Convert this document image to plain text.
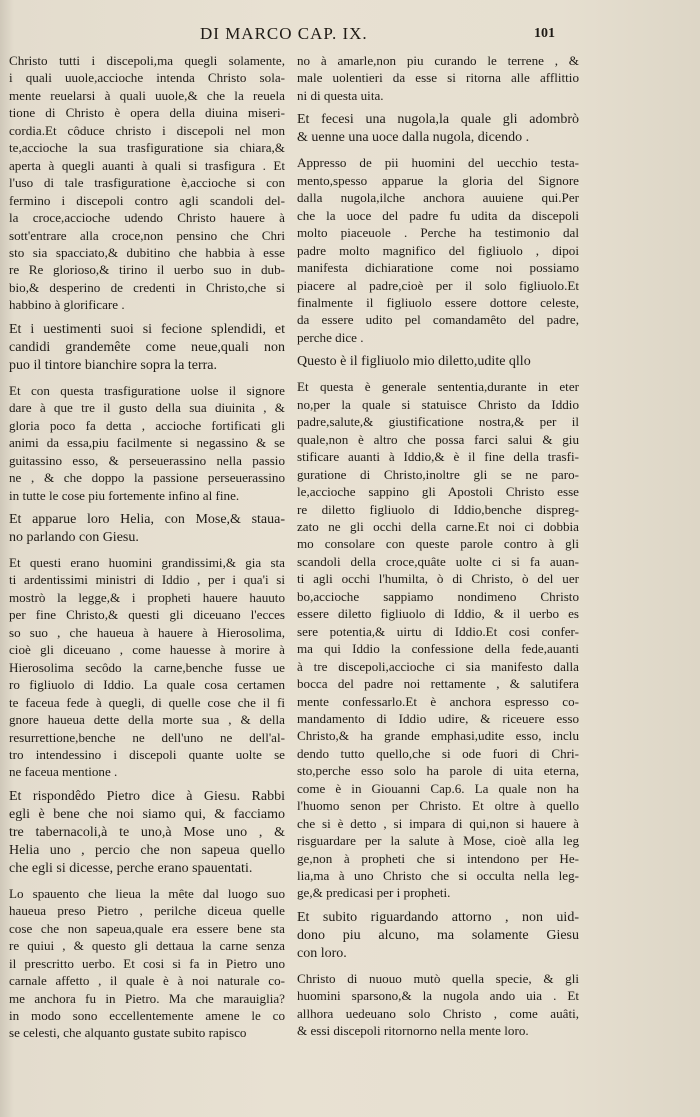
DI MARCO CAP. IX.	101
Christo tutti i discepoli,ma quegli solamente,
i quali uuole,accioche intenda Christo sola-
mente reuelarsi à quali uuole,& che la reuela
tione di Christo è opera della diuina miseri-
cordia.Et côduce christo i discepoli nel mon
te,accioche la sua trasfiguratione sia chiara,&
aperta à quegli auanti à quali si trasfigura . Et
l'uso di tale trasfiguratione è,accioche si con
fermino i discepoli contro agli scandoli del-
la croce,accioche udendo Christo hauere à
sott'entrare alla croce,non pensino che Chri
sto sia spacciato,& dubitino che habbia à esse
re Re glorioso,& tirino il uerbo suo in dub-
bio,& desperino de credenti in Christo,che si
habbino à glorificare .
Et i uestimenti suoi si fecione splendidi, et
candidi grandemête come neue,quali non
puo il tintore bianchire sopra la terra.
Et con questa trasfiguratione uolse il signore
dare à que tre il gusto della sua diuinita , &
gloria poco fa detta , accioche fortificati gli
animi da essa,piu facilmente si negassino & se
guitassino esso, & perseuerassino nella passio
ne , & che doppo la passione perseuerassino
in tutte le cose piu fortemente infino al fine.
Et apparue loro Helia, con Mose,& staua-
no parlando con Giesu.
Et questi erano huomini grandissimi,& gia sta
ti ardentissimi ministri di Iddio , per i qua'i si
mostrò la legge,& i propheti hauere hauuto
per fine Christo,& questi gli diceuano l'ecces
so suo , che haueua à hauere à Hierosolima,
cioè gli diceuano , come hauesse à morire à
Hierosolima secôdo la carne,benche fusse ue
ro figliuolo di Iddio. La quale cosa certamen
te faceua fede à quegli, di quelle cose che il fi
gnore haueua dette della morte sua , & della
resurrettione,benche ne dell'uno ne dell'al-
tro intendessino i discepoli quante uolte se
ne faceua mentione .
Et rispondêdo Pietro dice à Giesu. Rabbi
egli è bene che noi siamo qui, & facciamo
tre tabernacoli,à te uno,à Mose uno , &
Helia uno , percio che non sapeua quello
che egli si dicesse, perche erano spauentati.
Lo spauento che lieua la mête dal luogo suo
haueua preso Pietro , perilche diceua quelle
cose che non sapeua,quale era essere bene sta
re quiui , & questo gli dettaua la carne senza
il prescritto uerbo. Et cosi si fa in Pietro uno
carnale affetto , il quale è à noi naturale co-
me anchora fu in Pietro. Ma che marauiglia?
in modo sono eccellentemente amene le co
se celesti, che alquanto gustate subito rapisco
no à amarle,non piu curando le terrene , &
male uolentieri da esse si ritorna alle afflittio
ni di questa uita.
Et fecesi una nugola,la quale gli adombrò
& uenne una uoce dalla nugola, dicendo .
Appresso de pii huomini del uecchio testa-
mento,spesso apparue la gloria del Signore
dalla nugola,ilche anchora auuiene qui.Per
che la uoce del padre fu udita da discepoli
molto piaceuole . Perche ha testimonio dal
padre molto magnifico del figliuolo , dipoi
manifesta dichiaratione come noi possiamo
piacere al padre,cioè per il solo figliuolo.Et
finalmente il figliuolo essere dottore celeste,
da essere udito pel comandamêto del padre,
perche dice .
Questo è il figliuolo mio diletto,udite qllo
Et questa è generale sententia,durante in eter
no,per la quale si statuisce Christo da Iddio
padre,salute,& giustificatione nostra,& per il
quale,non è altro che possa farci salui & giu
stificare auanti à Iddio,& è il fine della trasfi-
guratione di Christo,inoltre gli se ne paro-
le,accioche sappino gli Apostoli Christo esse
re diletto figliuolo di Iddio,benche dispreg-
zato ne gli occhi della carne.Et noi ci dobbia
mo consolare con queste parole contro à gli
scandoli della croce,quâte uolte ci si fa auan-
ti agli occhi l'humilta, ò di Christo, ò del uer
bo,accioche sappiamo nondimeno Christo
essere diletto figliuolo di Iddio, & il uerbo es
sere potentia,& uirtu di Iddio.Et cosi confer-
ma qui Iddio la confessione della fede,auanti
à tre discepoli,accioche ci sia manifesto dalla
bocca del padre noi rettamente , & salutifera
mente confessarlo.Et è anchora espresso co-
mandamento di Iddio udire, & riceuere esso
Christo,& ha grande emphasi,udite esso, inclu
dendo tutto quello,che si ode fuori di Chri-
sto,perche esso solo ha parole di uita eterna,
come è in Giouanni Cap.6. La quale non ha
l'huomo senon per Christo. Et oltre à quello
che si è detto , si impara di qui,non si hauere à
risguardare per la salute à Mose, cioè alla leg
ge,non à propheti che si intendono per He-
lia,ma à uno Christo che si occulta nella leg-
ge,& predicasi per i propheti.
Et subito riguardando attorno , non uid-
dono piu alcuno, ma solamente Giesu
con loro.
Christo di nuouo mutò quella specie, & gli
huomini sparsono,& la nugola ando uia . Et
allhora uedeuano solo Christo , come auâti,
& essi discepoli ritornorno nella mente loro.
